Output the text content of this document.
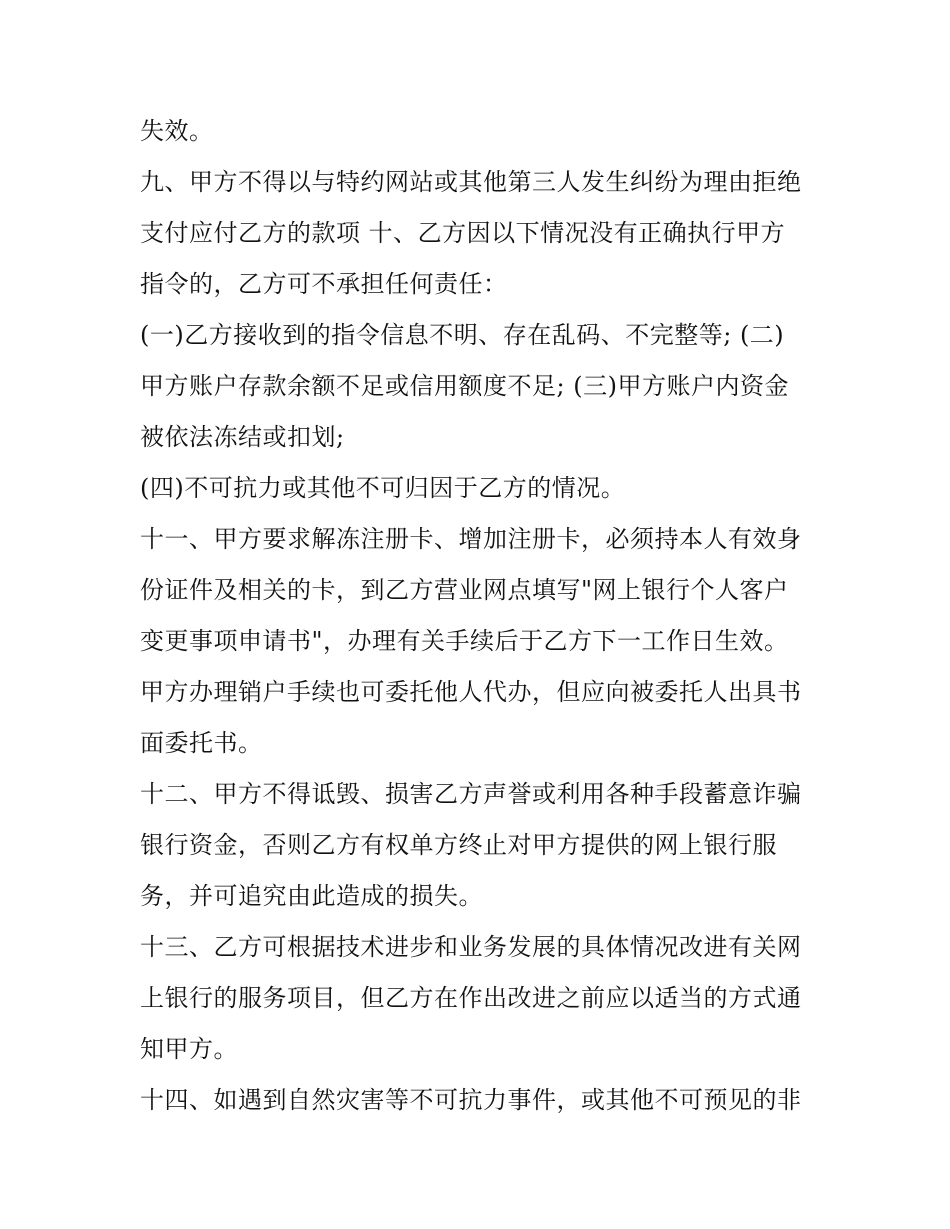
失效。
九、甲方不得以与特约网站或其他第三人发生纠纷为理由拒绝
支付应付乙方的款项 十、乙方因以下情况没有正确执行甲方
指令的，乙方可不承担任何责任：
(一)乙方接收到的指令信息不明、存在乱码、不完整等; (二)
甲方账户存款余额不足或信用额度不足; (三)甲方账户内资金
被依法冻结或扣划;
(四)不可抗力或其他不可归因于乙方的情况。
十一、甲方要求解冻注册卡、增加注册卡，必须持本人有效身
份证件及相关的卡，到乙方营业网点填写"网上银行个人客户
变更事项申请书"，办理有关手续后于乙方下一工作日生效。
甲方办理销户手续也可委托他人代办，但应向被委托人出具书
面委托书。
十二、甲方不得诋毁、损害乙方声誉或利用各种手段蓄意诈骗
银行资金，否则乙方有权单方终止对甲方提供的网上银行服
务，并可追究由此造成的损失。
十三、乙方可根据技术进步和业务发展的具体情况改进有关网
上银行的服务项目，但乙方在作出改进之前应以适当的方式通
知甲方。
十四、如遇到自然灾害等不可抗力事件，或其他不可预见的非
